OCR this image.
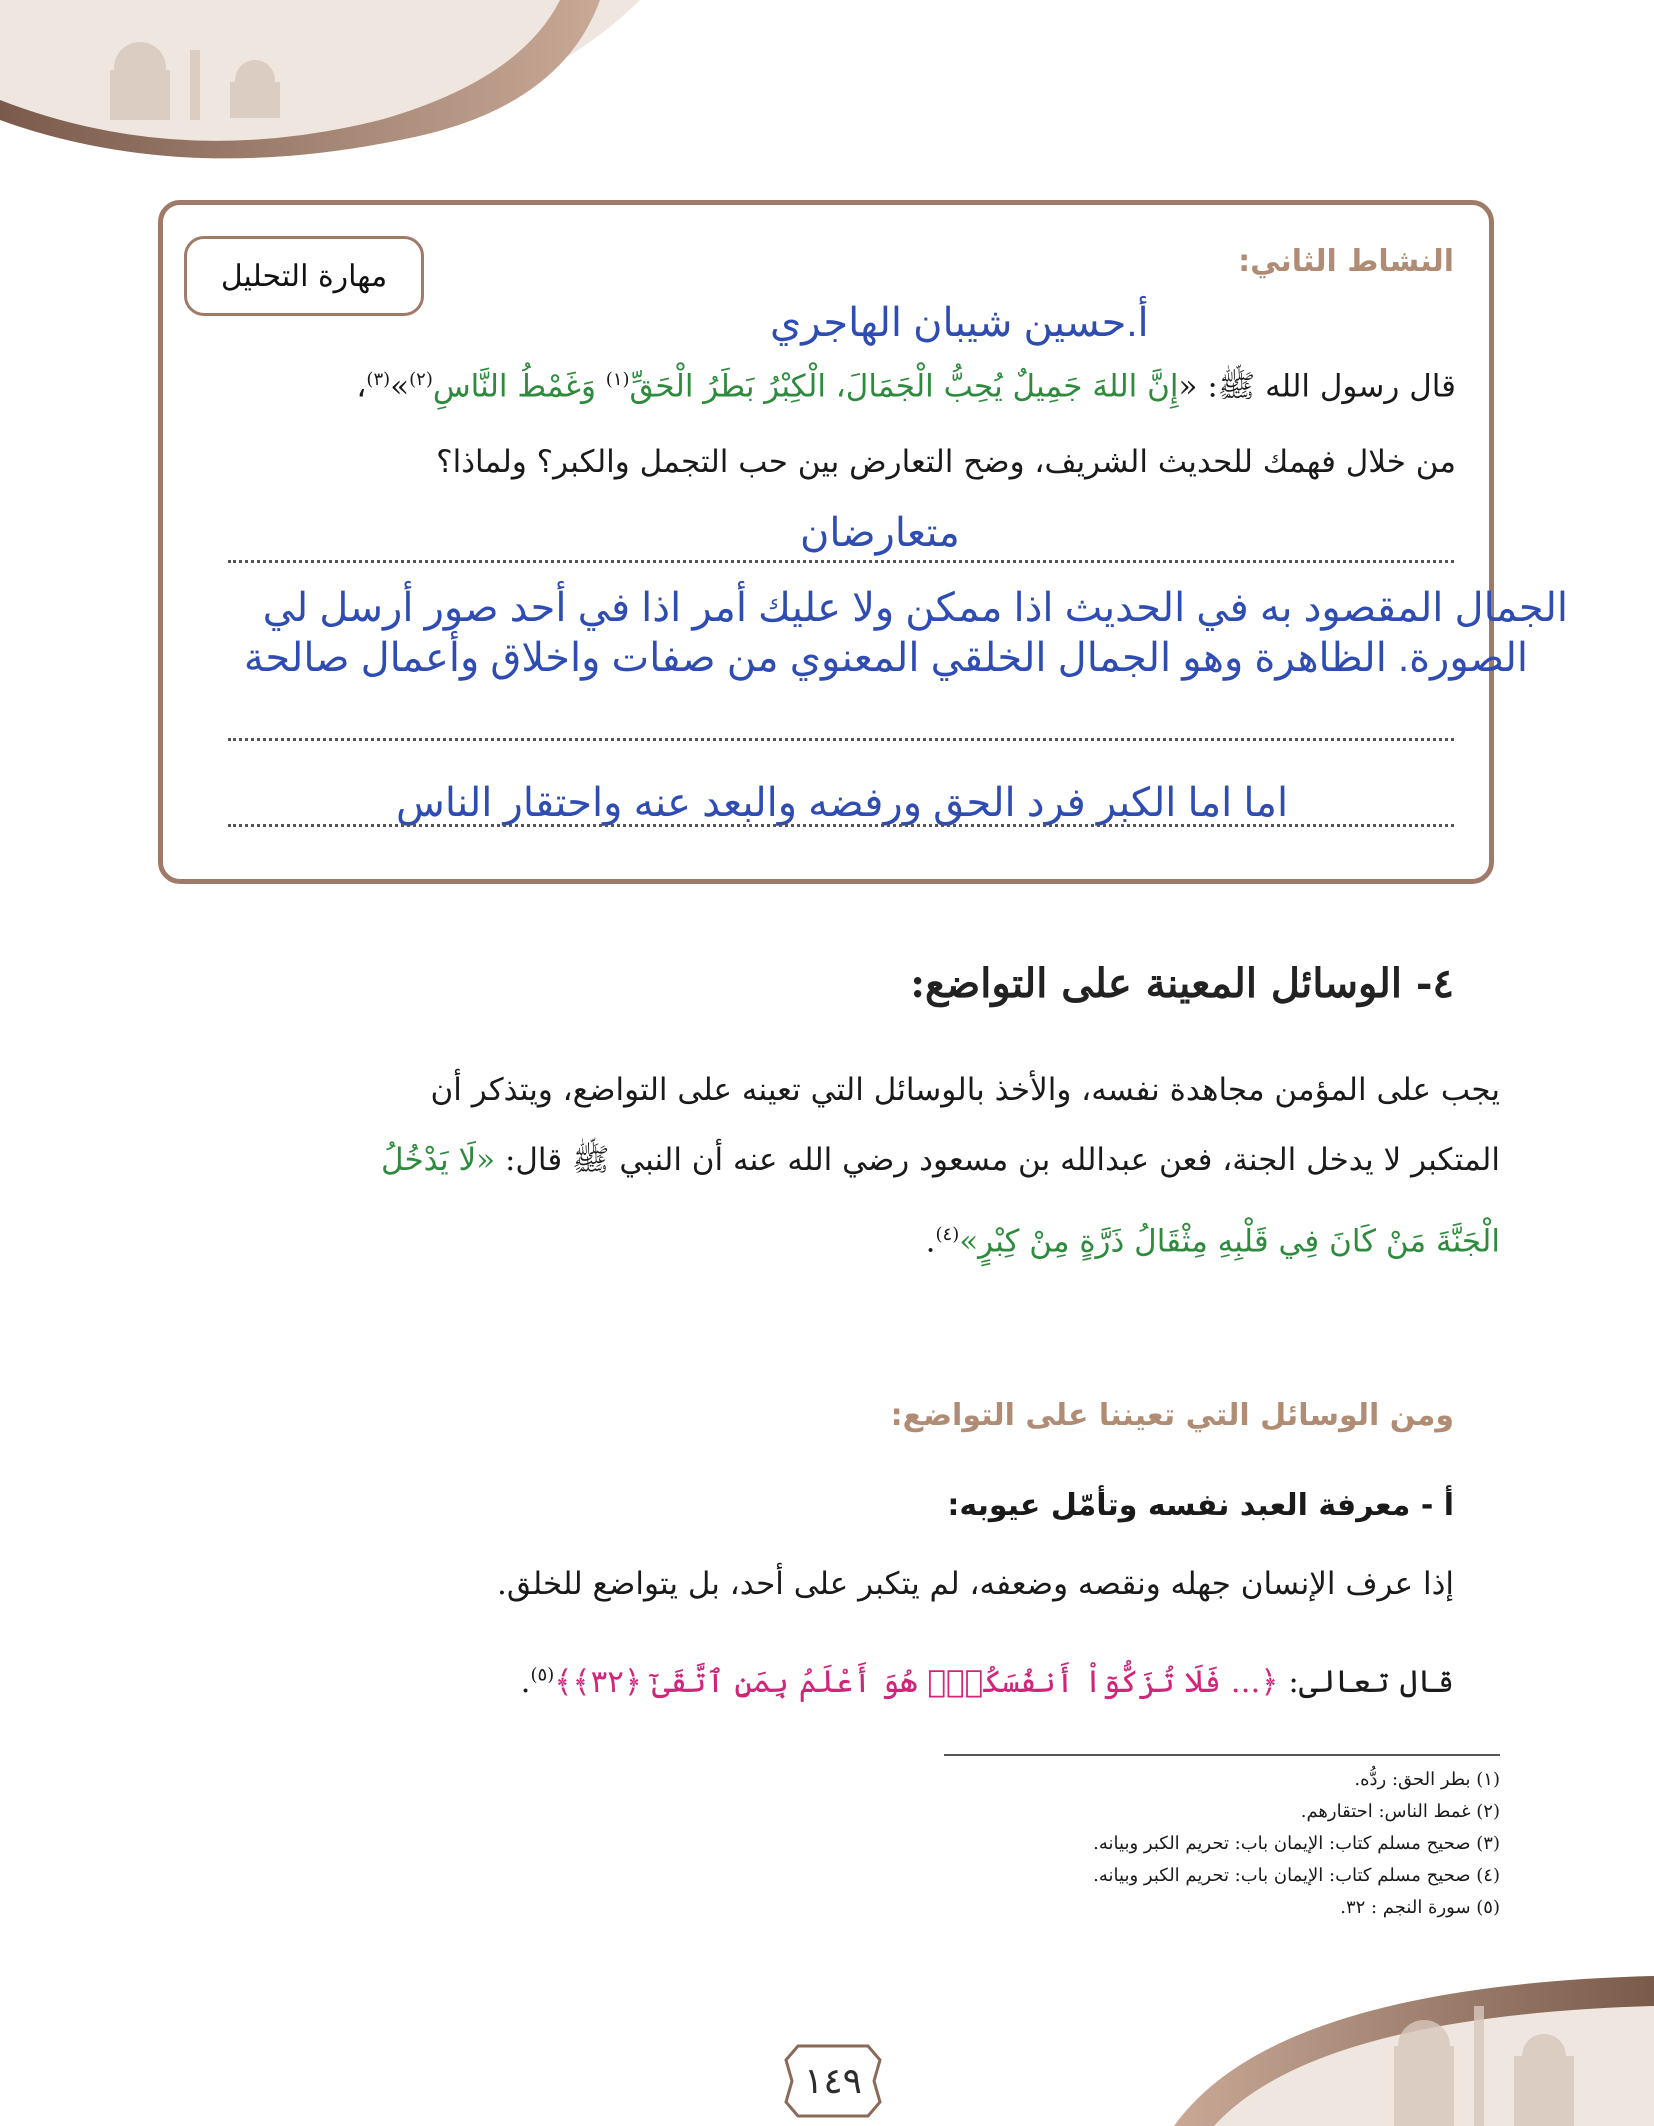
مهارة التحليل	النشاط الثاني:
أ.حسين شيبان الهاجري
قال رسول الله ﷺ: «إِنَّ اللهَ جَمِيلٌ يُحِبُّ الْجَمَالَ، الْكِبْرُ بَطَرُ الْحَقِّ$^{(١)}$ وَغَمْطُ النَّاسِ$^{(٢)}$»$^{(٣)}$،
من خلال فهمك للحديث الشريف، وضح التعارض بين حب التجمل والكبر؟ ولماذا؟
متعارضان
الجمال المقصود به في الحديث اذا ممكن ولا عليك أمر اذا في أحد صور أرسل لي
الصورة. الظاهرة وهو الجمال الخلقي المعنوي من صفات واخلاق وأعمال صالحة
اما اما الكبر فرد الحق ورفضه والبعد عنه واحتقار الناس
٤- الوسائل المعينة على التواضع:
يجب على المؤمن مجاهدة نفسه، والأخذ بالوسائل التي تعينه على التواضع، ويتذكر أن
المتكبر لا يدخل الجنة، فعن عبدالله بن مسعود رضي الله عنه أن النبي ﷺ قال: «لَا يَدْخُلُ
الْجَنَّةَ مَنْ كَانَ فِي قَلْبِهِ مِثْقَالُ ذَرَّةٍ مِنْ كِبْرٍ»$^{(٤)}$.
ومن الوسائل التي تعيننا على التواضع:
أ - معرفة العبد نفسه وتأمّل عيوبه:
إذا عرف الإنسان جهله ونقصه وضعفه، لم يتكبر على أحد، بل يتواضع للخلق.
قال تعالى: ﴿... فَلَا تُزَكُّوٓاْ أَنفُسَكُمْۖ هُوَ أَعْلَمُ بِمَنِ ٱتَّقَىٰٓ ﴿٣٢﴾﴾$^{(٥)}$.
(١) بطر الحق: ردُّه.
(٢) غمط الناس: احتقارهم.
(٣) صحيح مسلم كتاب: الإيمان باب: تحريم الكبر وبيانه.
(٤) صحيح مسلم كتاب: الإيمان باب: تحريم الكبر وبيانه.
(٥) سورة النجم : ٣٢.
١٤٩
